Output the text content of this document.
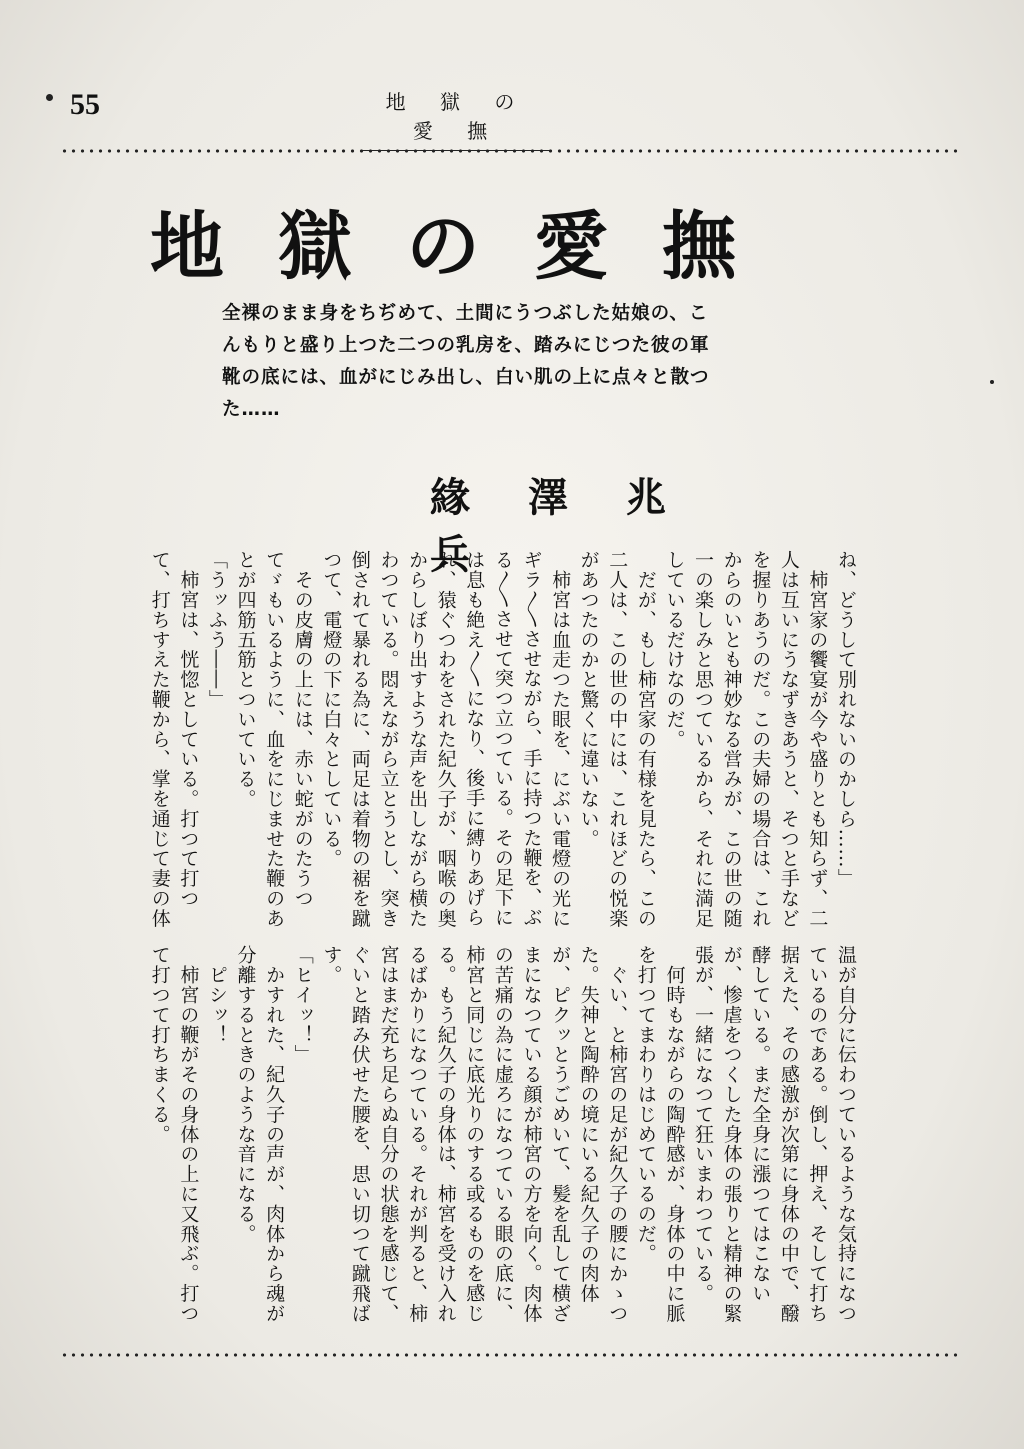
55	地 獄 の 愛 撫
地獄の愛撫
全裸のまま身をちぢめて、土間にうつぶした姑娘の、こんもりと盛り上つた二つの乳房を、踏みにじつた彼の軍靴の底には、血がにじみ出し、白い肌の上に点々と散つた……
緣澤兆兵	ね、どうして別れないのかしら……」

　柿宮家の饗宴が今や盛りとも知らず、二人は互いにうなずきあうと、そつと手などを握りあうのだ。この夫婦の場合は、これからのいとも神妙なる営みが、この世の随一の楽しみと思つているから、それに満足しているだけなのだ。

　だが、もし柿宮家の有様を見たら、この二人は、この世の中には、これほどの悦楽があつたのかと驚くに違いない。

　柿宮は血走つた眼を、にぶい電燈の光にギラ〳〵させながら、手に持つた鞭を、ぶる〳〵させて突つ立つている。その足下には息も絶え〳〵になり、後手に縛りあげられ、猿ぐつわをされた紀久子が、咽喉の奥からしぼり出すような声を出しながら横たわつている。悶えながら立とうとし、突き倒されて暴れる為に、両足は着物の裾を蹴つて、電燈の下に白々としている。

　その皮膚の上には、赤い蛇がのたうつてゞもいるように、血をにじませた鞭のあとが四筋五筋とついている。

「うッふう――」

　柿宮は、恍惚としている。打つて打つて、打ちすえた鞭から、掌を通じて妻の体

温が自分に伝わつているような気持になつているのである。倒し、押え、そして打ち据えた、その感激が次第に身体の中で、醱酵している。まだ全身に漲つてはこないが、惨虐をつくした身体の張りと精神の緊張が、一緒になつて狂いまわつている。

　何時もながらの陶酔感が、身体の中に脈を打つてまわりはじめているのだ。

　ぐい、と柿宮の足が紀久子の腰にかゝつた。失神と陶酔の境にいる紀久子の肉体が、ピクッとうごめいて、髪を乱して横ざまになつている顔が柿宮の方を向く。肉体の苦痛の為に虚ろになつている眼の底に、柿宮と同じに底光りのする或るものを感じる。もう紀久子の身体は、柿宮を受け入れるばかりになつている。それが判ると、柿宮はまだ充ち足らぬ自分の状態を感じて、ぐいと踏み伏せた腰を、思い切つて蹴飛ばす。

「ヒイッ！」

　かすれた、紀久子の声が、肉体から魂が分離するときのような音になる。

　ピシッ！

　柿宮の鞭がその身体の上に又飛ぶ。打つて打つて打ちまくる。
